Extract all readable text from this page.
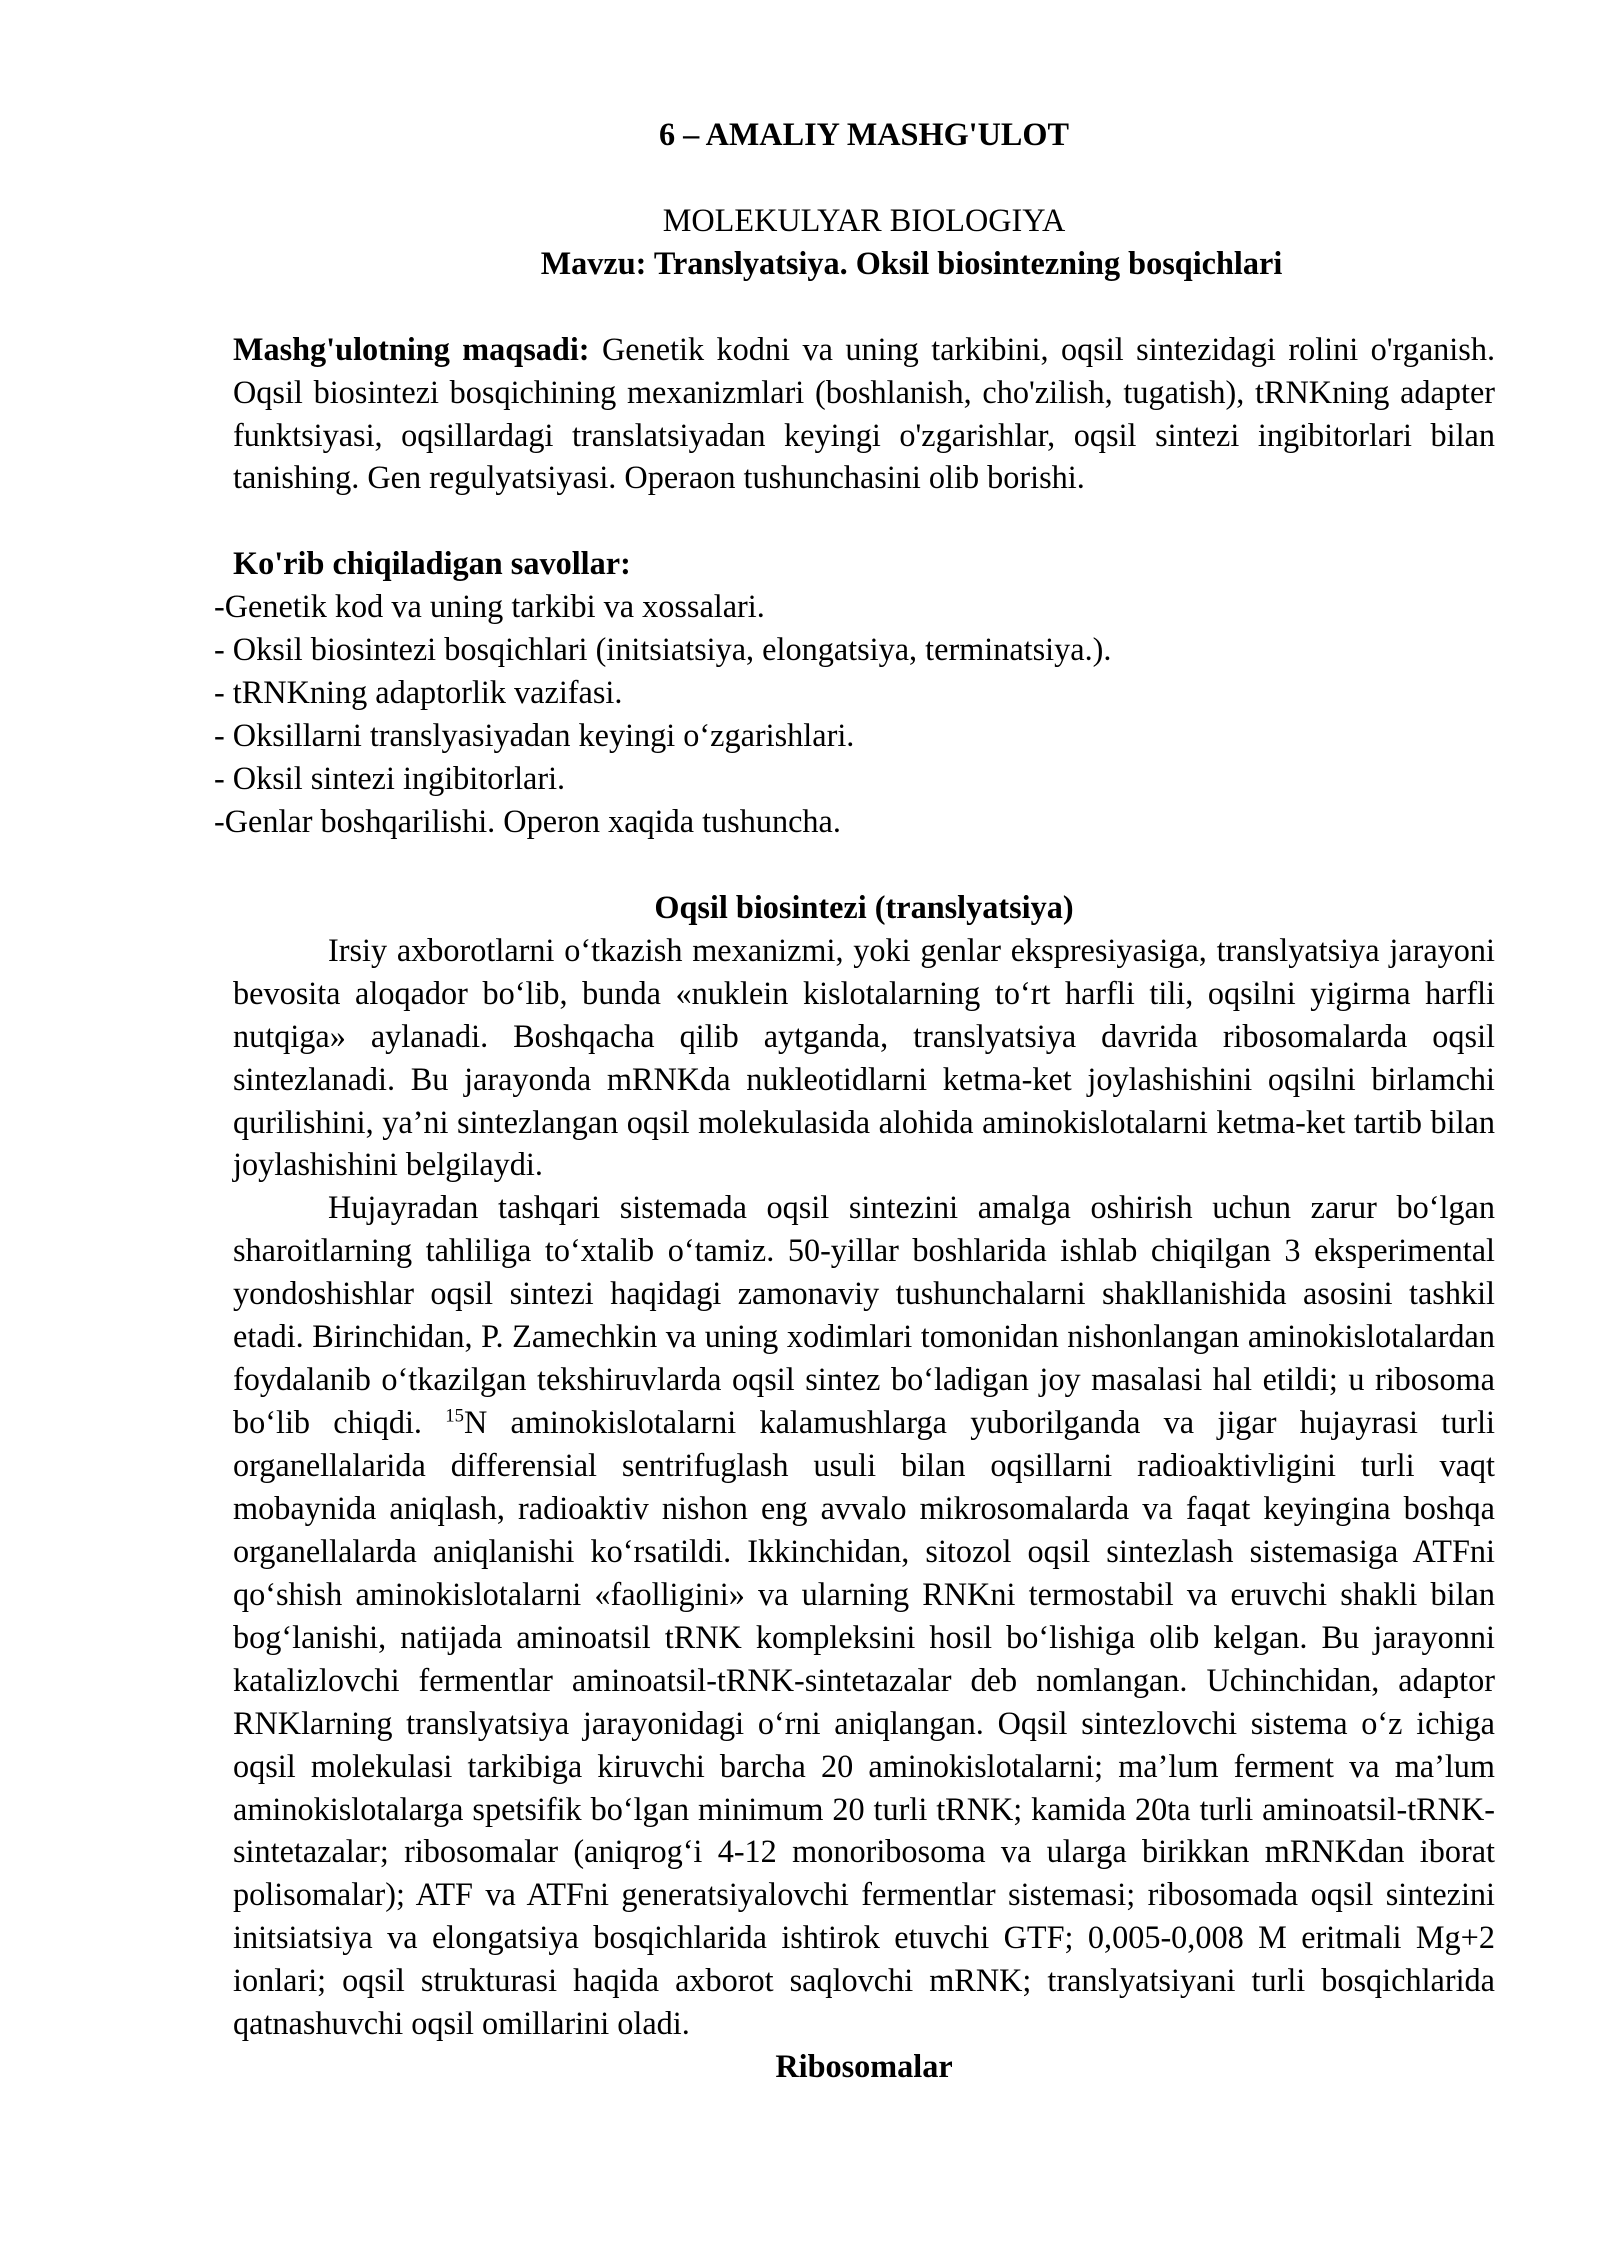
6 – AMALIY MASHG'ULOT
MOLEKULYAR BIOLOGIYA
Mavzu: Translyatsiya. Oksil biosintezning bosqichlari

Mashg'ulotning maqsadi: Genetik kodni va uning tarkibini, oqsil sintezidagi rolini o'rganish. Oqsil biosintezi bosqichining mexanizmlari (boshlanish, cho'zilish, tugatish), tRNKning adapter funktsiyasi, oqsillardagi translatsiyadan keyingi o'zgarishlar, oqsil sintezi ingibitorlari bilan tanishing. Gen regulyatsiyasi. Operaon tushunchasini olib borishi.

Ko'rib chiqiladigan savollar:
-Genetik kod va uning tarkibi va xossalari.
- Oksil biosintezi bosqichlari (initsiatsiya, elongatsiya, terminatsiya.).
- tRNKning adaptorlik vazifasi.
- Oksillarni translyasiyadan keyingi o‘zgarishlari.
- Oksil sintezi ingibitorlari.
-Genlar boshqarilishi. Operon xaqida tushuncha.
Oqsil biosintezi (translyatsiya)

Irsiy axborotlarni o‘tkazish mexanizmi, yoki genlar ekspresiyasiga, translyatsiya jarayoni bevosita aloqador bo‘lib, bunda «nuklein kislotalarning to‘rt harfli tili, oqsilni yigirma harfli nutqiga» aylanadi. Boshqacha qilib aytganda, translyatsiya davrida ribosomalarda oqsil sintezlanadi. Bu jarayonda mRNKda nukleotidlarni ketma-ket joylashishini oqsilni birlamchi qurilishini, ya’ni sintezlangan oqsil molekulasida alohida aminokislotalarni ketma-ket tartib bilan joylashishini belgilaydi.

Hujayradan tashqari sistemada oqsil sintezini amalga oshirish uchun zarur bo‘lgan sharoitlarning tahliliga to‘xtalib o‘tamiz. 50-yillar boshlarida ishlab chiqilgan 3 eksperimental yondoshishlar oqsil sintezi haqidagi zamonaviy tushunchalarni shakllanishida asosini tashkil etadi. Birinchidan, P. Zamechkin va uning xodimlari tomonidan nishonlangan aminokislotalardan foydalanib o‘tkazilgan tekshiruvlarda oqsil sintez bo‘ladigan joy masalasi hal etildi; u ribosoma bo‘lib chiqdi. $^{15}$N aminokislotalarni kalamushlarga yuborilganda va jigar hujayrasi turli organellalarida differensial sentrifuglash usuli bilan oqsillarni radioaktivligini turli vaqt mobaynida aniqlash, radioaktiv nishon eng avvalo mikrosomalarda va faqat keyingina boshqa organellalarda aniqlanishi ko‘rsatildi. Ikkinchidan, sitozol oqsil sintezlash sistemasiga ATFni qo‘shish aminokislotalarni «faolligini» va ularning RNKni termostabil va eruvchi shakli bilan bog‘lanishi, natijada aminoatsil tRNK kompleksini hosil bo‘lishiga olib kelgan. Bu jarayonni katalizlovchi fermentlar aminoatsil-tRNK-sintetazalar deb nomlangan. Uchinchidan, adaptor RNKlarning translyatsiya jarayonidagi o‘rni aniqlangan. Oqsil sintezlovchi sistema o‘z ichiga oqsil molekulasi tarkibiga kiruvchi barcha 20 aminokislotalarni; ma’lum ferment va ma’lum aminokislotalarga spetsifik bo‘lgan minimum 20 turli tRNK; kamida 20ta turli aminoatsil-tRNK-sintetazalar; ribosomalar (aniqrog‘i 4-12 monoribosoma va ularga birikkan mRNKdan iborat polisomalar); ATF va ATFni generatsiyalovchi fermentlar sistemasi; ribosomada oqsil sintezini initsiatsiya va elongatsiya bosqichlarida ishtirok etuvchi GTF; 0,005-0,008 M eritmali Mg+2 ionlari; oqsil strukturasi haqida axborot saqlovchi mRNK; translyatsiyani turli bosqichlarida qatnashuvchi oqsil omillarini oladi.

Ribosomalar
